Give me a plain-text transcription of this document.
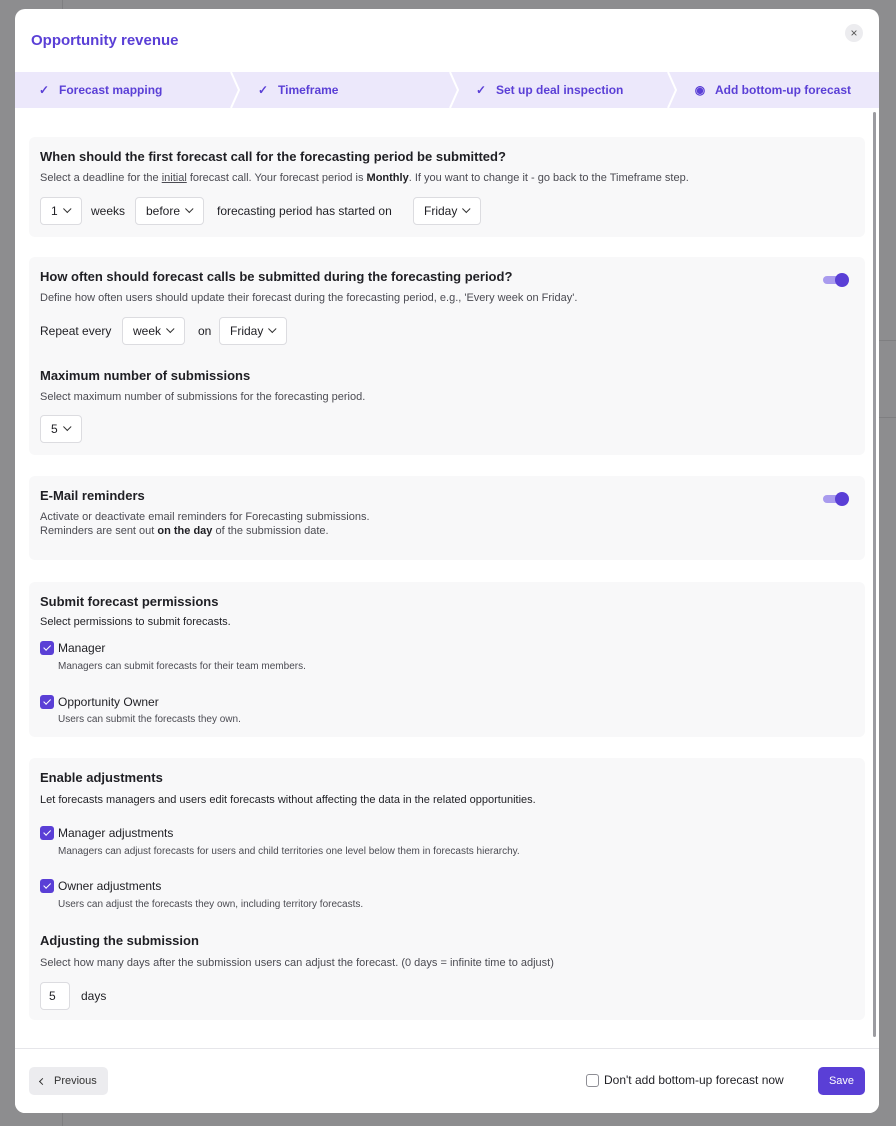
Opportunity revenue	×
✓ Forecast mapping	✓ Timeframe	✓ Set up deal inspection	◉ Add bottom-up forecast
When should the first forecast call for the forecasting period be submitted?
Select a deadline for the initial forecast call. Your forecast period is Monthly. If you want to change it - go back to the Timeframe step.
1	weeks before	forecasting period has started on	Friday
How often should forecast calls be submitted during the forecasting period?
Define how often users should update their forecast during the forecasting period, e.g., 'Every week on Friday'.
Repeat every week	on Friday
Maximum number of submissions
Select maximum number of submissions for the forecasting period.
5
E-Mail reminders
Activate or deactivate email reminders for Forecasting submissions.
Reminders are sent out on the day of the submission date.
Submit forecast permissions
Select permissions to submit forecasts.
Manager
Managers can submit forecasts for their team members.
Opportunity Owner
Users can submit the forecasts they own.
Enable adjustments
Let forecasts managers and users edit forecasts without affecting the data in the related opportunities.
Manager adjustments
Managers can adjust forecasts for users and child territories one level below them in forecasts hierarchy.
Owner adjustments
Users can adjust the forecasts they own, including territory forecasts.
Adjusting the submission
Select how many days after the submission users can adjust the forecast. (0 days = infinite time to adjust)
5	days
Previous	Don't add bottom-up forecast now	Save
